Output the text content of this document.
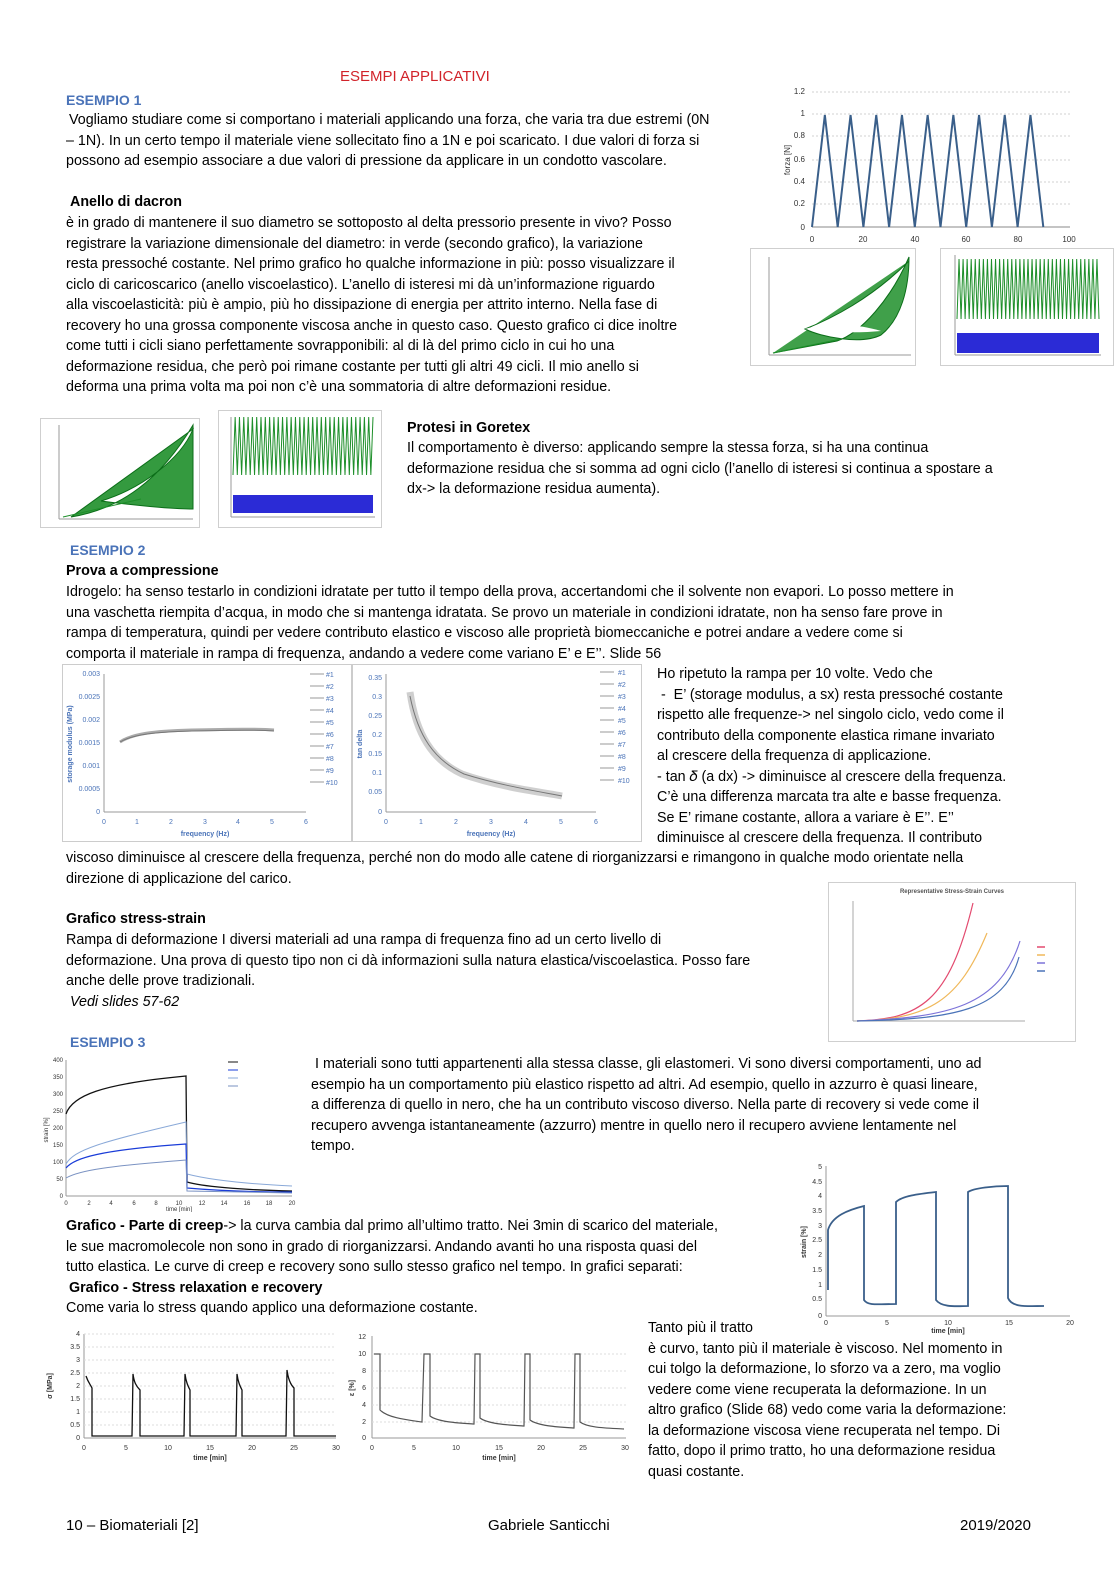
ESEMPI APPLICATIVI
ESEMPIO 1
Vogliamo studiare come si comportano i materiali applicando una forza, che varia tra due estremi (0N
– 1N). In un certo tempo il materiale viene sollecitato fino a 1N e poi scaricato. I due valori di forza si
possono ad esempio associare a due valori di pressione da applicare in un condotto vascolare.
Anello di dacron
è in grado di mantenere il suo diametro se sottoposto al delta pressorio presente in vivo? Posso
registrare la variazione dimensionale del diametro: in verde (secondo grafico), la variazione
resta pressoché costante. Nel primo grafico ho qualche informazione in più: posso visualizzare il
ciclo di caricoscarico (anello viscoelastico). L’anello di isteresi mi dà un’informazione riguardo
alla viscoelasticità: più è ampio, più ho dissipazione di energia per attrito interno. Nella fase di
recovery ho una grossa componente viscosa anche in questo caso. Questo grafico ci dice inoltre
come tutti i cicli siano perfettamente sovrapponibili: al di là del primo ciclo in cui ho una
deformazione residua, che però poi rimane costante per tutti gli altri 49 cicli. Il mio anello si
deforma una prima volta ma poi non c’è una sommatoria di altre deformazioni residue.
1.2
1
0.8
0.6
0.4
0.2
0
0	20	40	60	80	100
forza [N]
Protesi in Goretex
Il comportamento è diverso: applicando sempre la stessa forza, si ha una continua
deformazione residua che si somma ad ogni ciclo (l’anello di isteresi si continua a spostare a
dx-> la deformazione residua aumenta).
ESEMPIO 2
Prova a compressione
Idrogelo: ha senso testarlo in condizioni idratate per tutto il tempo della prova, accertandomi che il solvente non evapori. Lo posso mettere in
una vaschetta riempita d’acqua, in modo che si mantenga idratata. Se provo un materiale in condizioni idratate, non ha senso fare prove in
rampa di temperatura, quindi per vedere contributo elastico e viscoso alle proprietà biomeccaniche e potrei andare a vedere come si
comporta il materiale in rampa di frequenza, andando a vedere come variano E’ e E’’. Slide 56
0.003
0.0025
0.002
0.0015
0.001
0.0005
0
0	1	2	3	4	5	6
frequency (Hz)
storage modulus (MPa)
#1
#2
#3
#4
#5
#6
#7
#8
#9
#10
0.35
0.3
0.25
0.2
0.15
0.1
0.05
0
0	1	2	3	4	5	6
frequency (Hz)
tan delta
#1
#2
#3
#4
#5
#6
#7
#8
#9
#10
Ho ripetuto la rampa per 10 volte. Vedo che
-  E’ (storage modulus, a sx) resta pressoché costante
rispetto alle frequenze-> nel singolo ciclo, vedo come il
contributo della componente elastica rimane invariato
al crescere della frequenza di applicazione.
- tan 𝛿 (a dx) -> diminuisce al crescere della frequenza.
C’è una differenza marcata tra alte e basse frequenza.
Se E’ rimane costante, allora a variare è E’’. E’’
diminuisce al crescere della frequenza. Il contributo
viscoso diminuisce al crescere della frequenza, perché non do modo alle catene di riorganizzarsi e rimangono in qualche modo orientate nella
direzione di applicazione del carico.
Grafico stress-strain
Rampa di deformazione I diversi materiali ad una rampa di frequenza fino ad un certo livello di
deformazione. Una prova di questo tipo non ci dà informazioni sulla natura elastica/viscoelastica. Posso fare
anche delle prove tradizionali.
Vedi slides 57-62
Representative Stress-Strain Curves
ESEMPIO 3
400
350
300
250
200
150
100
50
0
0	2	4	6	8	10	12	14	16	18	20
time [min]
strain [%]
I materiali sono tutti appartenenti alla stessa classe, gli elastomeri. Vi sono diversi comportamenti, uno ad
esempio ha un comportamento più elastico rispetto ad altri. Ad esempio, quello in azzurro è quasi lineare,
a differenza di quello in nero, che ha un contributo viscoso diverso. Nella parte di recovery si vede come il
recupero avvenga istantaneamente (azzurro) mentre in quello nero il recupero avviene lentamente nel
tempo.
5
4.5
4
3.5
3
2.5
2
1.5
1
0.5
0
0	5	10	15	20
time [min]
strain [%]
Grafico - Parte di creep-> la curva cambia dal primo all’ultimo tratto. Nei 3min di scarico del materiale,
le sue macromolecole non sono in grado di riorganizzarsi. Andando avanti ho una risposta quasi del
tutto elastica. Le curve di creep e recovery sono sullo stesso grafico nel tempo. In grafici separati:
Grafico - Stress relaxation e recovery
Come varia lo stress quando applico una deformazione costante.
4
3.5
3
2.5
2
1.5
1
0.5
0
0	5	10	15	20	25	30
time [min]
σ [MPa]
12
10
8
6
4
2
0
0	5	10	15	20	25	30
time [min]
ε [%]
Tanto più il tratto
è curvo, tanto più il materiale è viscoso. Nel momento in
cui tolgo la deformazione, lo sforzo va a zero, ma voglio
vedere come viene recuperata la deformazione. In un
altro grafico (Slide 68) vedo come varia la deformazione:
la deformazione viscosa viene recuperata nel tempo. Di
fatto, dopo il primo tratto, ho una deformazione residua
quasi costante.
10 – Biomateriali [2]	Gabriele Santicchi	2019/2020
